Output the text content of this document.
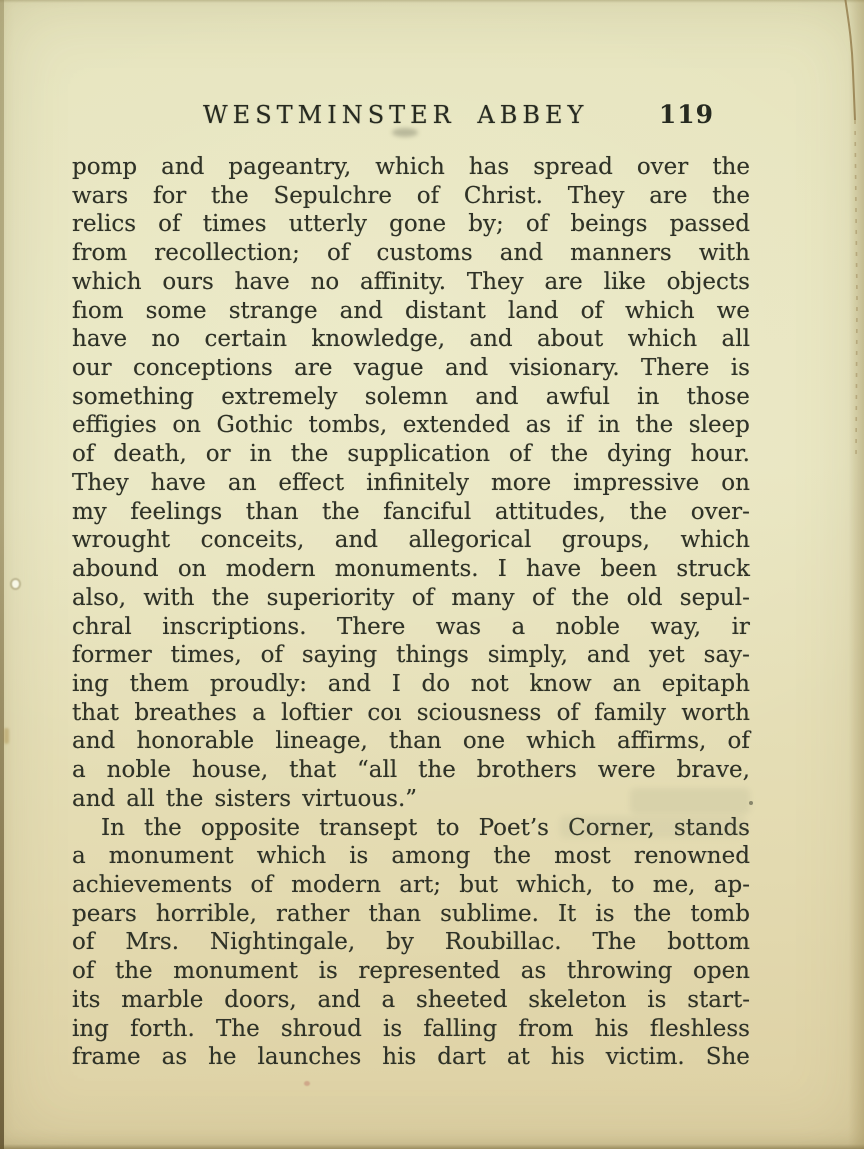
WESTMINSTER ABBEY	119
pomp and pageantry, which has spread over the
wars for the Sepulchre of Christ. They are the
relics of times utterly gone by; of beings passed
from recollection; of customs and manners with
which ours have no affinity. They are like objects
fıom some strange and distant land of which we
have no certain knowledge, and about which all
our conceptions are vague and visionary. There is
something extremely solemn and awful in those
effigies on Gothic tombs, extended as if in the sleep
of death, or in the supplication of the dying hour.
They have an effect infinitely more impressive on
my feelings than the fanciful attitudes, the over-
wrought conceits, and allegorical groups, which
abound on modern monuments. I have been struck
also, with the superiority of many of the old sepul-
chral inscriptions. There was a noble way, ir
former times, of saying things simply, and yet say-
ing them proudly: and I do not know an epitaph
that breathes a loftier coı sciousness of family worth
and honorable lineage, than one which affirms, of
a noble house, that “all the brothers were brave,
and all the sisters virtuous.”
In the opposite transept to Poet’s Corner, stands
a monument which is among the most renowned
achievements of modern art; but which, to me, ap-
pears horrible, rather than sublime. It is the tomb
of Mrs. Nightingale, by Roubillac. The bottom
of the monument is represented as throwing open
its marble doors, and a sheeted skeleton is start-
ing forth. The shroud is falling from his fleshless
frame as he launches his dart at his victim. She
